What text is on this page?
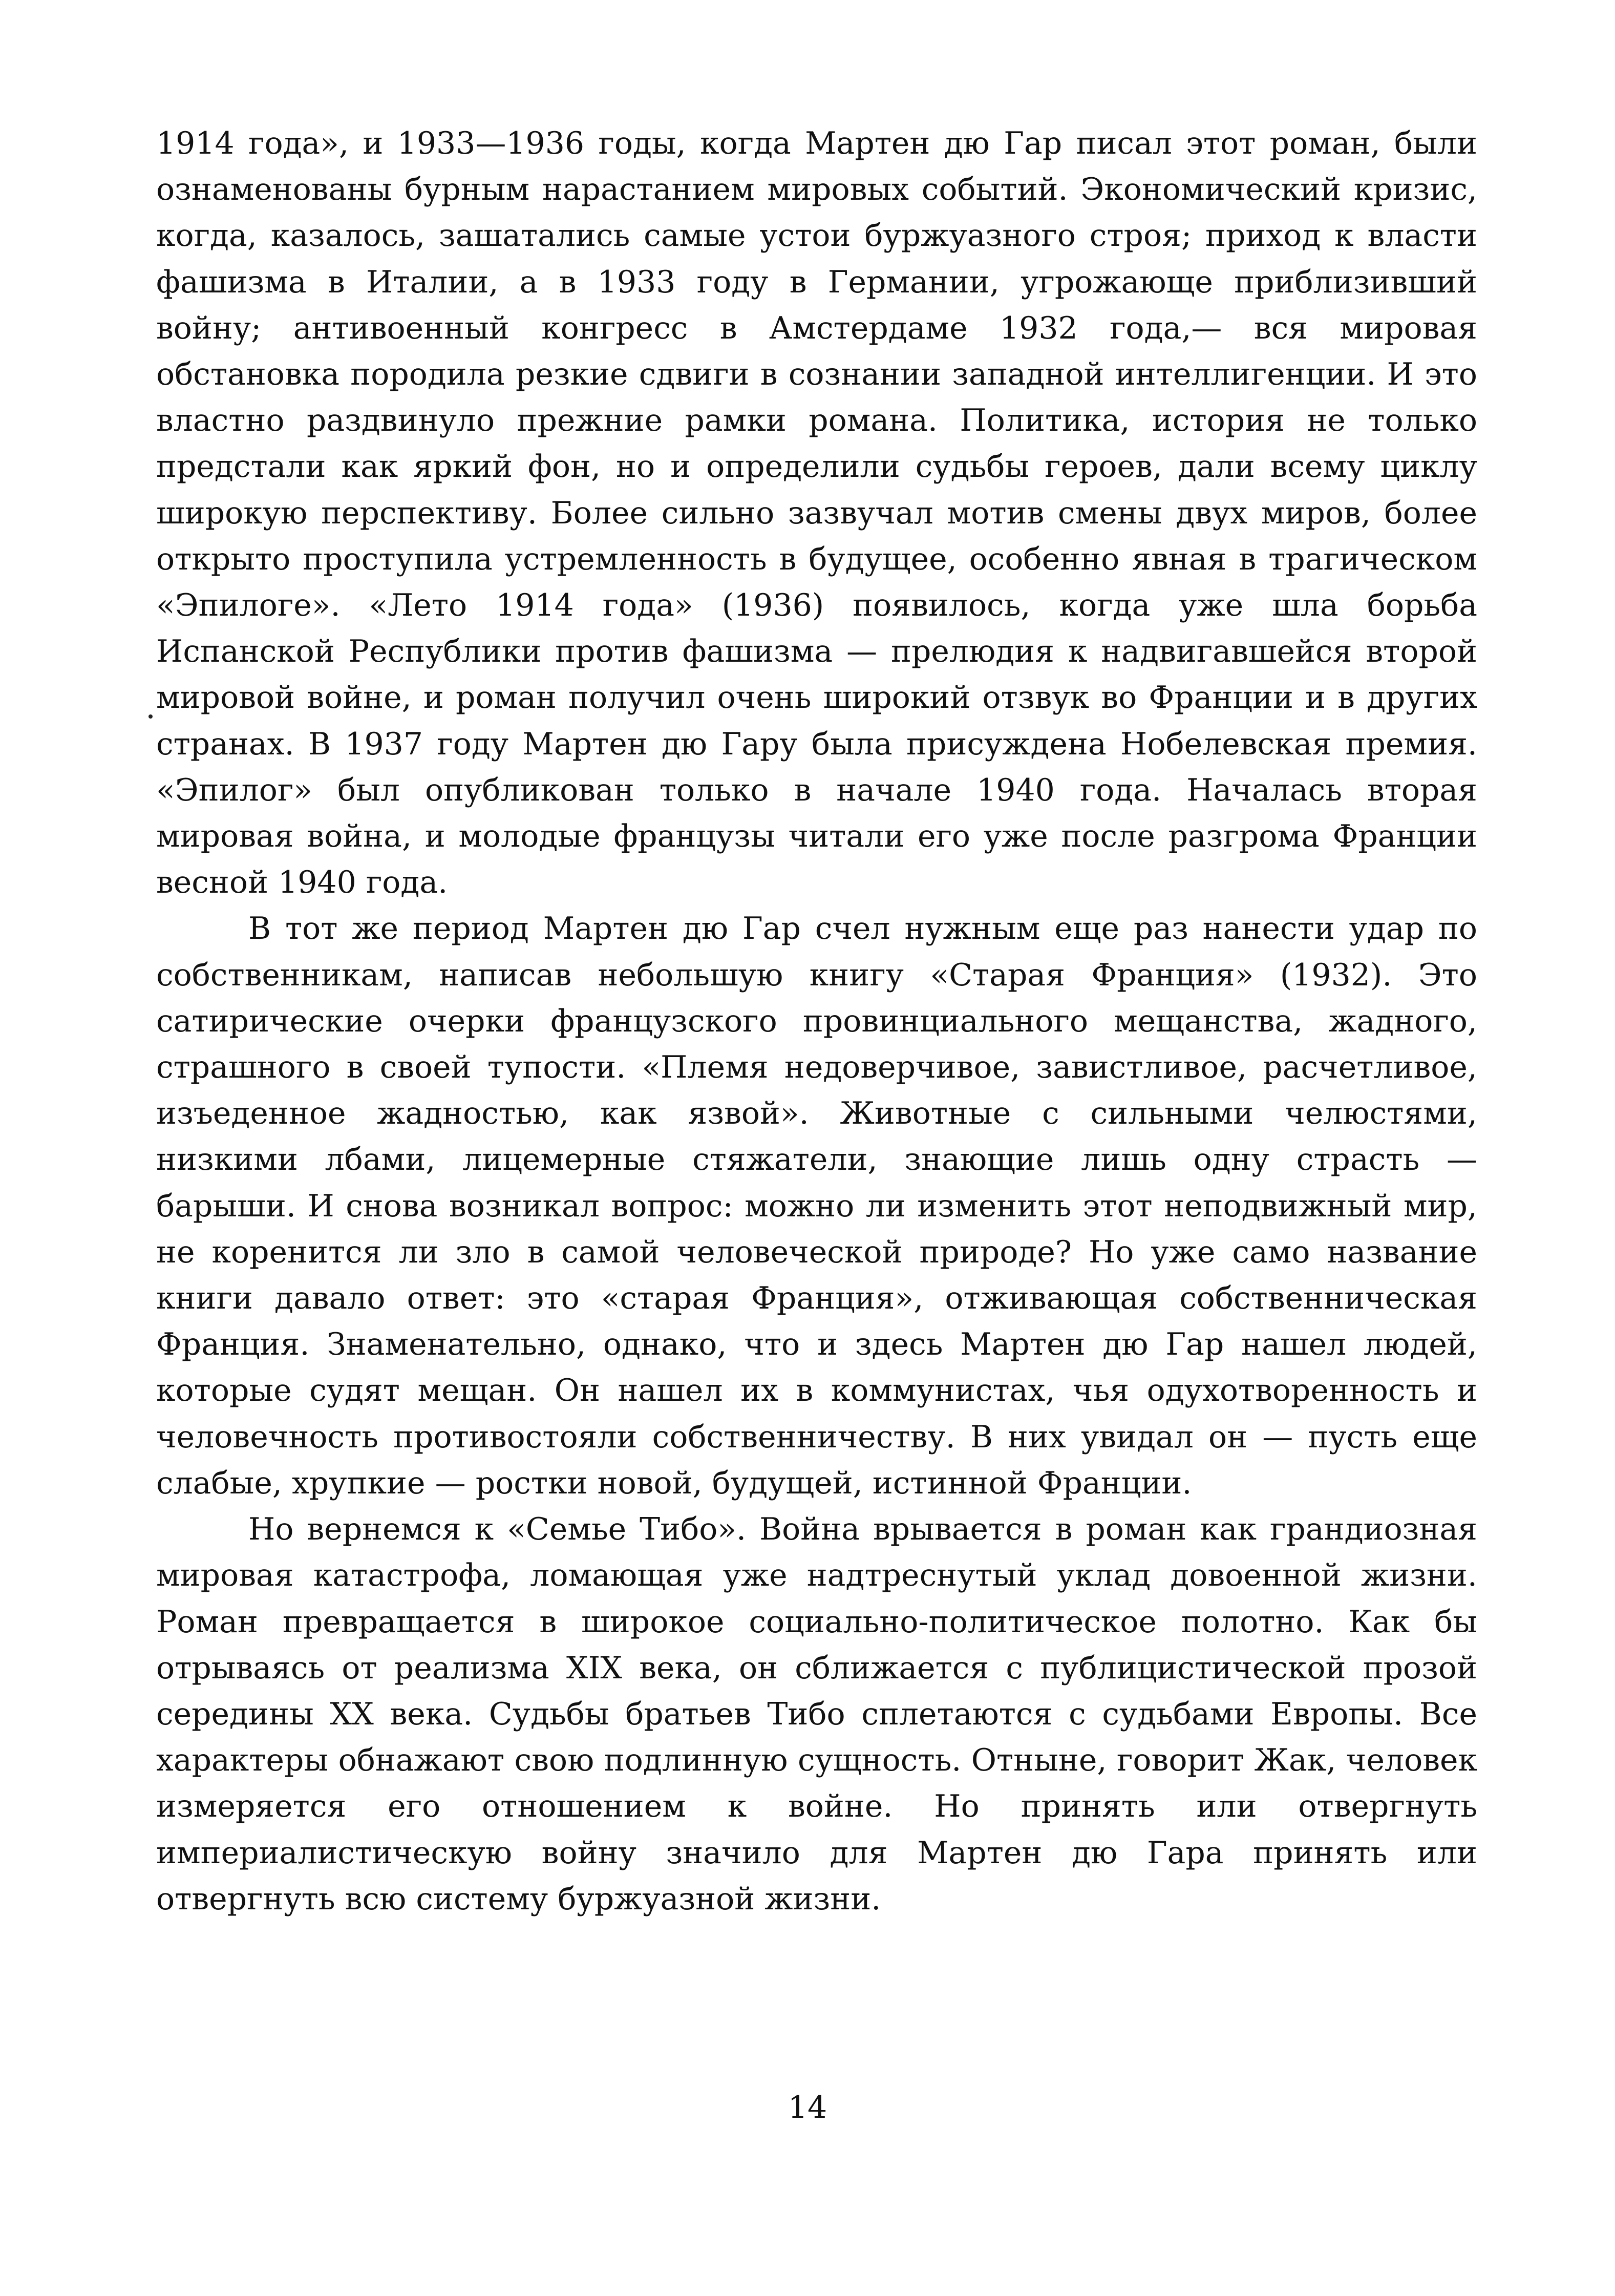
1914 года», и 1933—1936 годы, когда Мартен дю Гар писал этот роман, были ознаменованы бурным нарастанием мировых событий. Экономический кризис, когда, казалось, зашатались самые устои буржуазного строя; приход к власти фашизма в Италии, а в 1933 году в Германии, угрожающе приблизивший войну; антивоенный конгресс в Амстердаме 1932 года,— вся мировая обстановка породила резкие сдвиги в сознании западной интеллигенции. И это властно раздвинуло прежние рамки романа. Политика, история не только предстали как яркий фон, но и определили судьбы героев, дали всему циклу широкую перспективу. Более сильно зазвучал мотив смены двух миров, более открыто проступила устремленность в будущее, особенно явная в трагическом «Эпилоге». «Лето 1914 года» (1936) появилось, когда уже шла борьба Испанской Республики против фашизма — прелюдия к надвигавшейся второй мировой войне, и роман получил очень широкий отзвук во Франции и в других странах. В 1937 году Мартен дю Гару была присуждена Нобелевская премия. «Эпилог» был опубликован только в начале 1940 года. Началась вторая мировая война, и молодые французы читали его уже после разгрома Франции весной 1940 года.

В тот же период Мартен дю Гар счел нужным еще раз нанести удар по собственникам, написав небольшую книгу «Старая Франция» (1932). Это сатирические очерки французского провинциального мещанства, жадного, страшного в своей тупости. «Племя недоверчивое, завистливое, расчетливое, изъеденное жадностью, как язвой». Животные с сильными челюстями, низкими лбами, лицемерные стяжатели, знающие лишь одну страсть — барыши. И снова возникал вопрос: можно ли изменить этот неподвижный мир, не коренится ли зло в самой человеческой природе? Но уже само название книги давало ответ: это «старая Франция», отживающая собственническая Франция. Знаменательно, однако, что и здесь Мартен дю Гар нашел людей, которые судят мещан. Он нашел их в коммунистах, чья одухотворенность и человечность противостояли собственничеству. В них увидал он — пусть еще слабые, хрупкие — ростки новой, будущей, истинной Франции.

Но вернемся к «Семье Тибо». Война врывается в роман как грандиозная мировая катастрофа, ломающая уже надтреснутый уклад довоенной жизни. Роман превращается в широкое социально-политическое полотно. Как бы отрываясь от реализма XIX века, он сближается с публицистической прозой середины XX века. Судьбы братьев Тибо сплетаются с судьбами Европы. Все характеры обнажают свою подлинную сущность. Отныне, говорит Жак, человек измеряется его отношением к войне. Но принять или отвергнуть империалистическую войну значило для Мартен дю Гара принять или отвергнуть всю систему буржуазной жизни.

14
